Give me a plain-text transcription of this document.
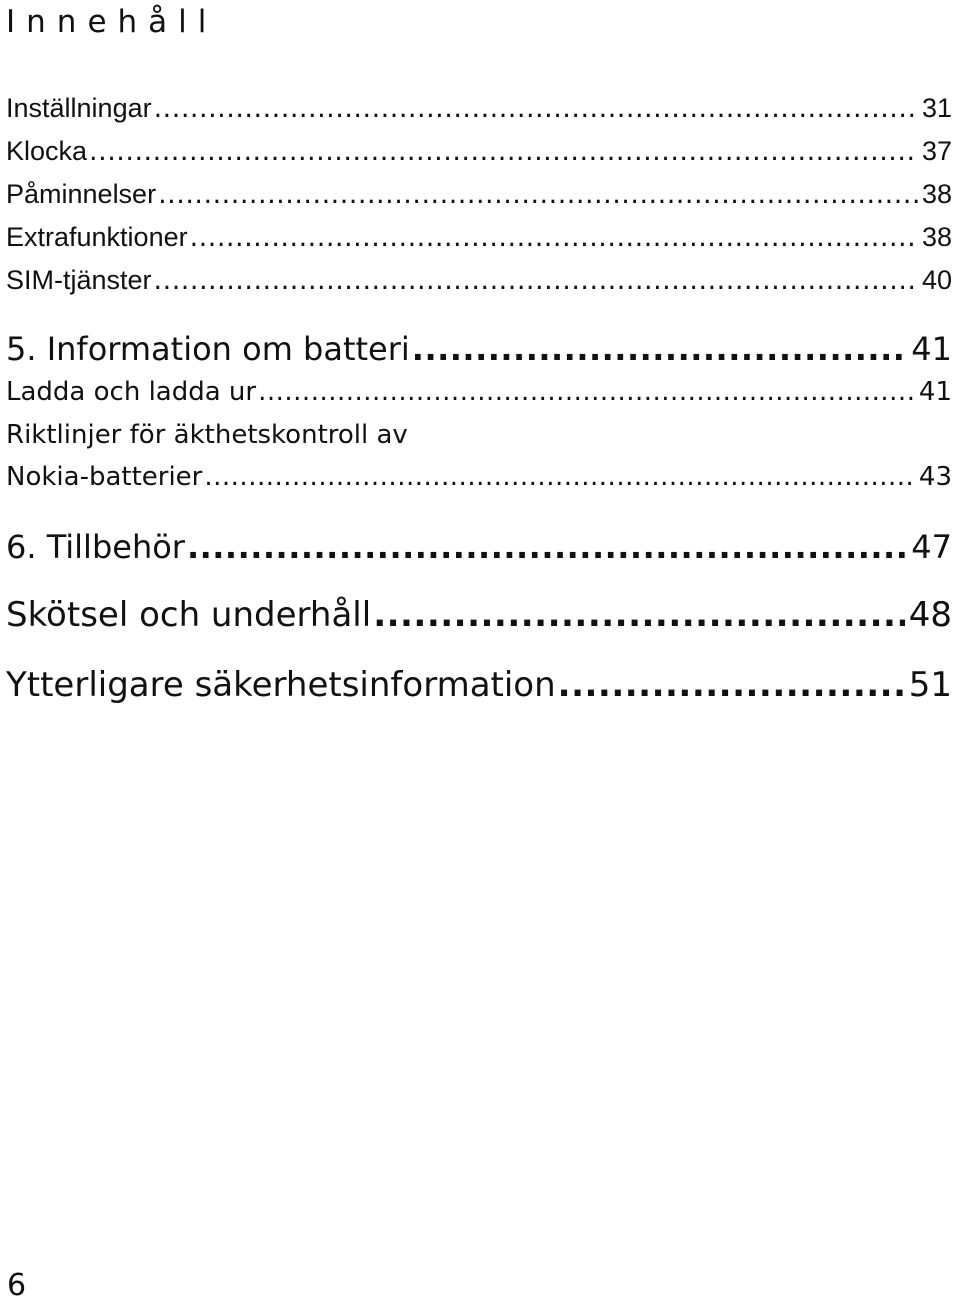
Innehåll
Inställningar .....	31
Klocka .....	37
Påminnelser .....	38
Extrafunktioner .....	38
SIM-tjänster .....	40
5. Information om batteri .....	41
Ladda och ladda ur .....	41
Riktlinjer för äkthetskontroll av
Nokia-batterier .....	43
6. Tillbehör .....	47
Skötsel och underhåll .....	48
Ytterligare säkerhetsinformation .....	51
6
